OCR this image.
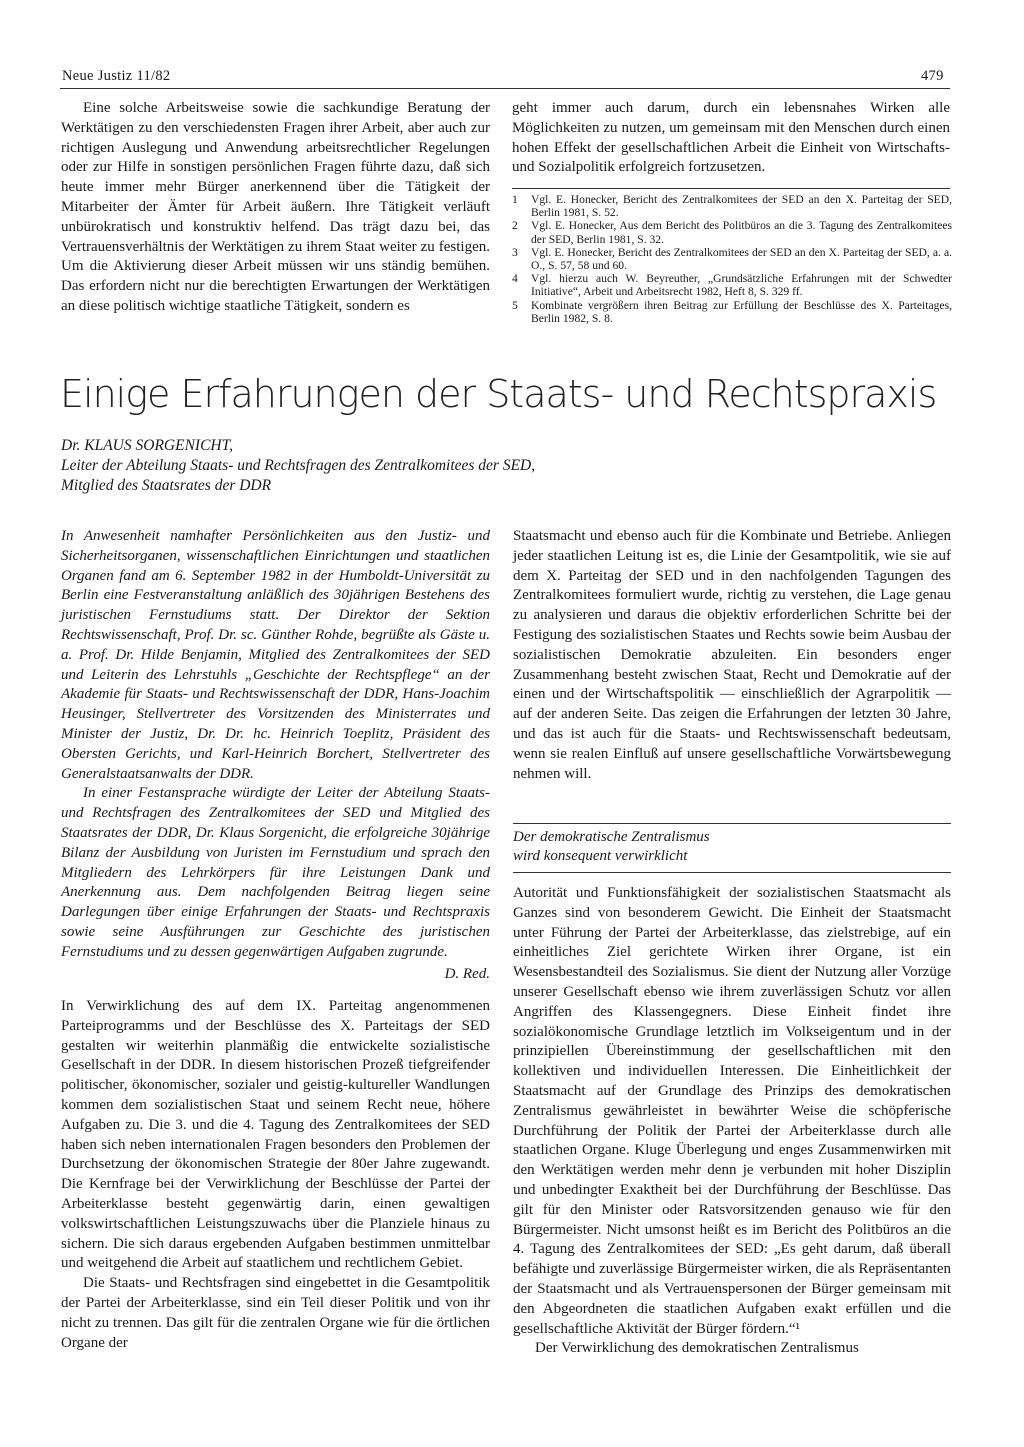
Neue Justiz 11/82	479

Eine solche Arbeitsweise sowie die sachkundige Beratung der Werktätigen zu den verschiedensten Fragen ihrer Arbeit, aber auch zur richtigen Auslegung und Anwendung arbeitsrechtlicher Regelungen oder zur Hilfe in sonstigen persönlichen Fragen führte dazu, daß sich heute immer mehr Bürger anerkennend über die Tätigkeit der Mitarbeiter der Ämter für Arbeit äußern. Ihre Tätigkeit verläuft unbürokratisch und konstruktiv helfend. Das trägt dazu bei, das Vertrauensverhältnis der Werktätigen zu ihrem Staat weiter zu festigen. Um die Aktivierung dieser Arbeit müssen wir uns ständig bemühen. Das erfordern nicht nur die berechtigten Erwartungen der Werktätigen an diese politisch wichtige staatliche Tätigkeit, sondern es

geht immer auch darum, durch ein lebensnahes Wirken alle Möglichkeiten zu nutzen, um gemeinsam mit den Menschen durch einen hohen Effekt der gesellschaftlichen Arbeit die Einheit von Wirtschafts- und Sozialpolitik erfolgreich fortzusetzen.

1	Vgl. E. Honecker, Bericht des Zentralkomitees der SED an den X. Parteitag der SED, Berlin 1981, S. 52.
2	Vgl. E. Honecker, Aus dem Bericht des Politbüros an die 3. Tagung des Zentralkomitees der SED, Berlin 1981, S. 32.
3	Vgl. E. Honecker, Bericht des Zentralkomitees der SED an den X. Parteitag der SED, a. a. O., S. 57, 58 und 60.
4	Vgl. hierzu auch W. Beyreuther, „Grundsätzliche Erfahrungen mit der Schwedter Initiative“, Arbeit und Arbeitsrecht 1982, Heft 8, S. 329 ff.
5	Kombinate vergrößern ihren Beitrag zur Erfüllung der Beschlüsse des X. Parteitages, Berlin 1982, S. 8.
Einige Erfahrungen der Staats- und Rechtspraxis
Dr. KLAUS SORGENICHT,
Leiter der Abteilung Staats- und Rechtsfragen des Zentralkomitees der SED,
Mitglied des Staatsrates der DDR

In Anwesenheit namhafter Persönlichkeiten aus den Justiz- und Sicherheitsorganen, wissenschaftlichen Einrichtungen und staatlichen Organen fand am 6. September 1982 in der Humboldt-Universität zu Berlin eine Festveranstaltung anläßlich des 30jährigen Bestehens des juristischen Fernstudiums statt. Der Direktor der Sektion Rechtswissenschaft, Prof. Dr. sc. Günther Rohde, begrüßte als Gäste u. a. Prof. Dr. Hilde Benjamin, Mitglied des Zentralkomitees der SED und Leiterin des Lehrstuhls „Geschichte der Rechtspflege“ an der Akademie für Staats- und Rechtswissenschaft der DDR, Hans-Joachim Heusinger, Stellvertreter des Vorsitzenden des Ministerrates und Minister der Justiz, Dr. Dr. hc. Heinrich Toeplitz, Präsident des Obersten Gerichts, und Karl-Heinrich Borchert, Stellvertreter des Generalstaatsanwalts der DDR.

In einer Festansprache würdigte der Leiter der Abteilung Staats- und Rechtsfragen des Zentralkomitees der SED und Mitglied des Staatsrates der DDR, Dr. Klaus Sorgenicht, die erfolgreiche 30jährige Bilanz der Ausbildung von Juristen im Fernstudium und sprach den Mitgliedern des Lehrkörpers für ihre Leistungen Dank und Anerkennung aus. Dem nachfolgenden Beitrag liegen seine Darlegungen über einige Erfahrungen der Staats- und Rechtspraxis sowie seine Ausführungen zur Geschichte des juristischen Fernstudiums und zu dessen gegenwärtigen Aufgaben zugrunde.

D. Red.

In Verwirklichung des auf dem IX. Parteitag angenommenen Parteiprogramms und der Beschlüsse des X. Parteitags der SED gestalten wir weiterhin planmäßig die entwickelte sozialistische Gesellschaft in der DDR. In diesem historischen Prozeß tiefgreifender politischer, ökonomischer, sozialer und geistig-kultureller Wandlungen kommen dem sozialistischen Staat und seinem Recht neue, höhere Aufgaben zu. Die 3. und die 4. Tagung des Zentralkomitees der SED haben sich neben internationalen Fragen besonders den Problemen der Durchsetzung der ökonomischen Strategie der 80er Jahre zugewandt. Die Kernfrage bei der Verwirklichung der Beschlüsse der Partei der Arbeiterklasse besteht gegenwärtig darin, einen gewaltigen volkswirtschaftlichen Leistungszuwachs über die Planziele hinaus zu sichern. Die sich daraus ergebenden Aufgaben bestimmen unmittelbar und weitgehend die Arbeit auf staatlichem und rechtlichem Gebiet.

Die Staats- und Rechtsfragen sind eingebettet in die Gesamtpolitik der Partei der Arbeiterklasse, sind ein Teil dieser Politik und von ihr nicht zu trennen. Das gilt für die zentralen Organe wie für die örtlichen Organe der

Staatsmacht und ebenso auch für die Kombinate und Betriebe. Anliegen jeder staatlichen Leitung ist es, die Linie der Gesamtpolitik, wie sie auf dem X. Parteitag der SED und in den nachfolgenden Tagungen des Zentralkomitees formuliert wurde, richtig zu verstehen, die Lage genau zu analysieren und daraus die objektiv erforderlichen Schritte bei der Festigung des sozialistischen Staates und Rechts sowie beim Ausbau der sozialistischen Demokratie abzuleiten. Ein besonders enger Zusammenhang besteht zwischen Staat, Recht und Demokratie auf der einen und der Wirtschaftspolitik — einschließlich der Agrarpolitik — auf der anderen Seite. Das zeigen die Erfahrungen der letzten 30 Jahre, und das ist auch für die Staats- und Rechtswissenschaft bedeutsam, wenn sie realen Einfluß auf unsere gesellschaftliche Vorwärtsbewegung nehmen will.

Der demokratische Zentralismus
wird konsequent verwirklicht

Autorität und Funktionsfähigkeit der sozialistischen Staatsmacht als Ganzes sind von besonderem Gewicht. Die Einheit der Staatsmacht unter Führung der Partei der Arbeiterklasse, das zielstrebige, auf ein einheitliches Ziel gerichtete Wirken ihrer Organe, ist ein Wesensbestandteil des Sozialismus. Sie dient der Nutzung aller Vorzüge unserer Gesellschaft ebenso wie ihrem zuverlässigen Schutz vor allen Angriffen des Klassengegners. Diese Einheit findet ihre sozialökonomische Grundlage letztlich im Volkseigentum und in der prinzipiellen Übereinstimmung der gesellschaftlichen mit den kollektiven und individuellen Interessen. Die Einheitlichkeit der Staatsmacht auf der Grundlage des Prinzips des demokratischen Zentralismus gewährleistet in bewährter Weise die schöpferische Durchführung der Politik der Partei der Arbeiterklasse durch alle staatlichen Organe. Kluge Überlegung und enges Zusammenwirken mit den Werktätigen werden mehr denn je verbunden mit hoher Disziplin und unbedingter Exaktheit bei der Durchführung der Beschlüsse. Das gilt für den Minister oder Ratsvorsitzenden genauso wie für den Bürgermeister. Nicht umsonst heißt es im Bericht des Politbüros an die 4. Tagung des Zentralkomitees der SED: „Es geht darum, daß überall befähigte und zuverlässige Bürgermeister wirken, die als Repräsentanten der Staatsmacht und als Vertrauenspersonen der Bürger gemeinsam mit den Abgeordneten die staatlichen Aufgaben exakt erfüllen und die gesellschaftliche Aktivität der Bürger fördern.“¹

Der Verwirklichung des demokratischen Zentralismus
